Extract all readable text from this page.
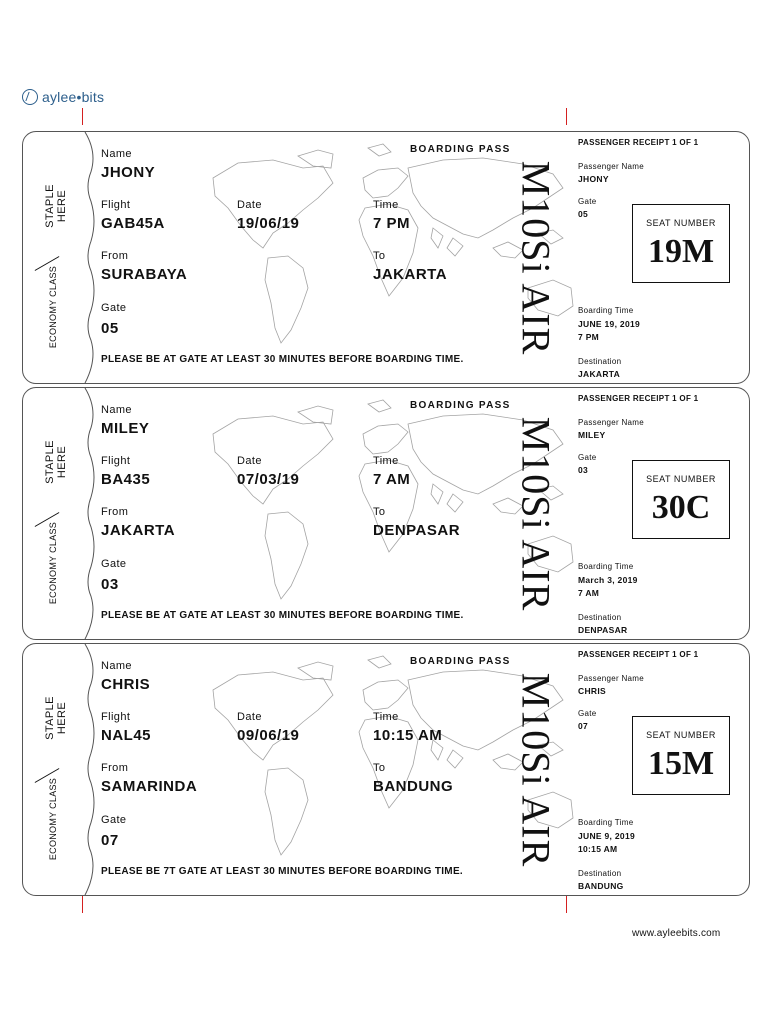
aylee•bits
STAPLE HERE
ECONOMY CLASS
Name
JHONY
BOARDING PASS
Flight
GAB45A
Date
19/06/19
Time
7 PM
From
SURABAYA
To
JAKARTA
Gate
05
PLEASE BE AT GATE AT LEAST 30 MINUTES BEFORE BOARDING TIME.
M10Si AIR
PASSENGER RECEIPT 1 OF 1
Passenger Name
JHONY
Gate
05
SEAT NUMBER
19M
Boarding Time
JUNE 19, 2019
7 PM
Destination
JAKARTA
STAPLE HERE
ECONOMY CLASS
Name
MILEY
BOARDING PASS
Flight
BA435
Date
07/03/19
Time
7 AM
From
JAKARTA
To
DENPASAR
Gate
03
PLEASE BE AT GATE AT LEAST 30 MINUTES BEFORE BOARDING TIME.
M10Si AIR
PASSENGER RECEIPT 1 OF 1
Passenger Name
MILEY
Gate
03
SEAT NUMBER
30C
Boarding Time
March 3, 2019
7 AM
Destination
DENPASAR
STAPLE HERE
ECONOMY CLASS
Name
CHRIS
BOARDING PASS
Flight
NAL45
Date
09/06/19
Time
10:15 AM
From
SAMARINDA
To
BANDUNG
Gate
07
PLEASE BE 7T GATE AT LEAST 30 MINUTES BEFORE BOARDING TIME.
M10Si AIR
PASSENGER RECEIPT 1 OF 1
Passenger Name
CHRIS
Gate
07
SEAT NUMBER
15M
Boarding Time
JUNE 9, 2019
10:15 AM
Destination
BANDUNG
www.ayleebits.com
